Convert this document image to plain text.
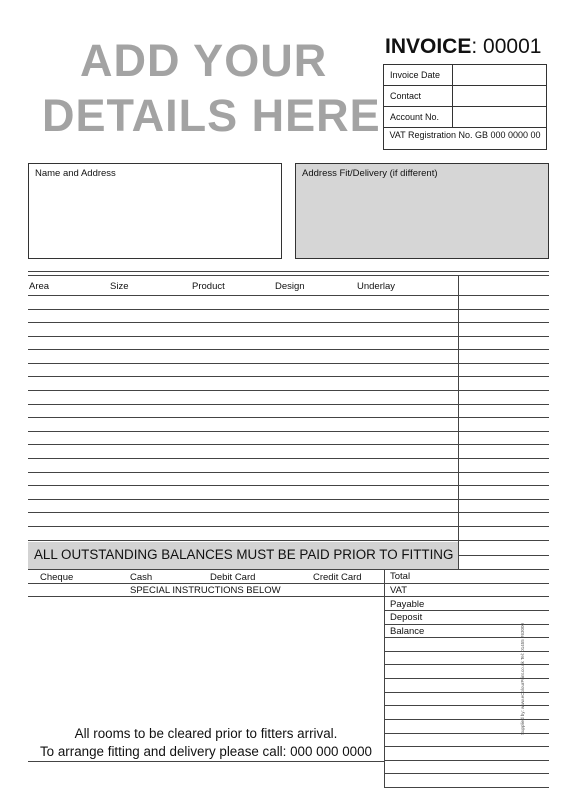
ADD YOUR
DETAILS HERE
INVOICE: 00001
Invoice Date
Contact
Account No.
VAT Registration No. GB 000 0000 00
Name and Address	Address Fit/Delivery (if different)
Area	Size	Product	Design	Underlay
ALL OUTSTANDING BALANCES MUST BE PAID PRIOR TO FITTING
Cheque	Cash	Debit Card	Credit Card
SPECIAL INSTRUCTIONS BELOW
Total
VAT
Payable
Deposit
Balance
All rooms to be cleared prior to fitters arrival.
To arrange fitting and delivery please call: 000 000 0000
Supplied by: www.eColourPrint.co.uk Tel: 01455 763000
